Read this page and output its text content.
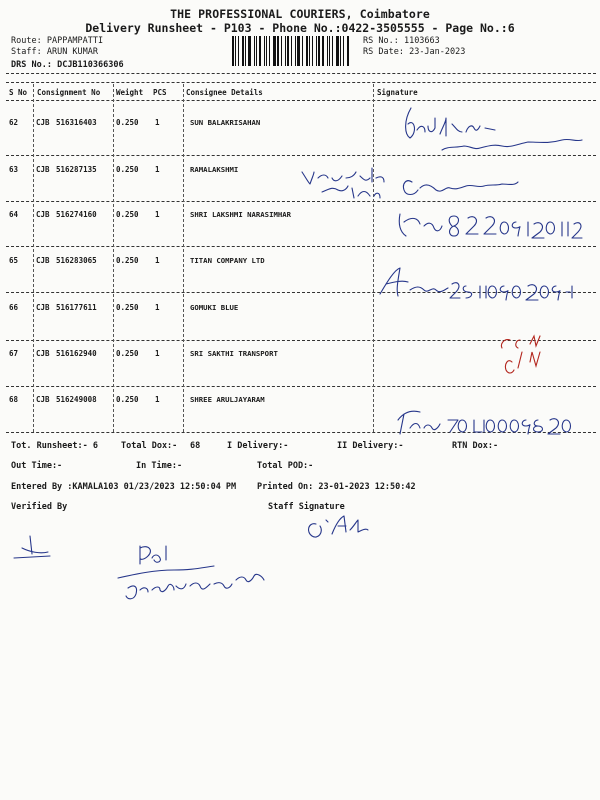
THE PROFESSIONAL COURIERS, Coimbatore
Delivery Runsheet - P103 - Phone No.:0422-3505555 - Page No.:6
Route: PAPPAMPATTI
Staff: ARUN KUMAR
DRS No.: DCJB110366306
RS No.: 1103663
RS Date: 23-Jan-2023
S No Consignment No Weight PCS	Consignee Details	Signature
62 CJB 516316403	0.250 1	SUN BALAKRISAHAN
63 CJB 516287135	0.250 1	RAMALAKSHMI
64 CJB 516274160	0.250 1	SHRI LAKSHMI NARASIMHAR
65 CJB 516283065	0.250 1	TITAN COMPANY LTD
66 CJB 516177611	0.250 1	GOMUKI BLUE
67 CJB 516162940	0.250 1	SRI SAKTHI TRANSPORT
68 CJB 516249008	0.250 1	SHREE ARULJAYARAM
Tot. Runsheet:- 6	Total Dox:- 68	I Delivery:-	II Delivery:-	RTN Dox:-
Out Time:-	In Time:-	Total POD:-
Entered By :KAMALA103 01/23/2023 12:50:04 PM Printed On: 23-01-2023 12:50:42
Verified By	Staff Signature
